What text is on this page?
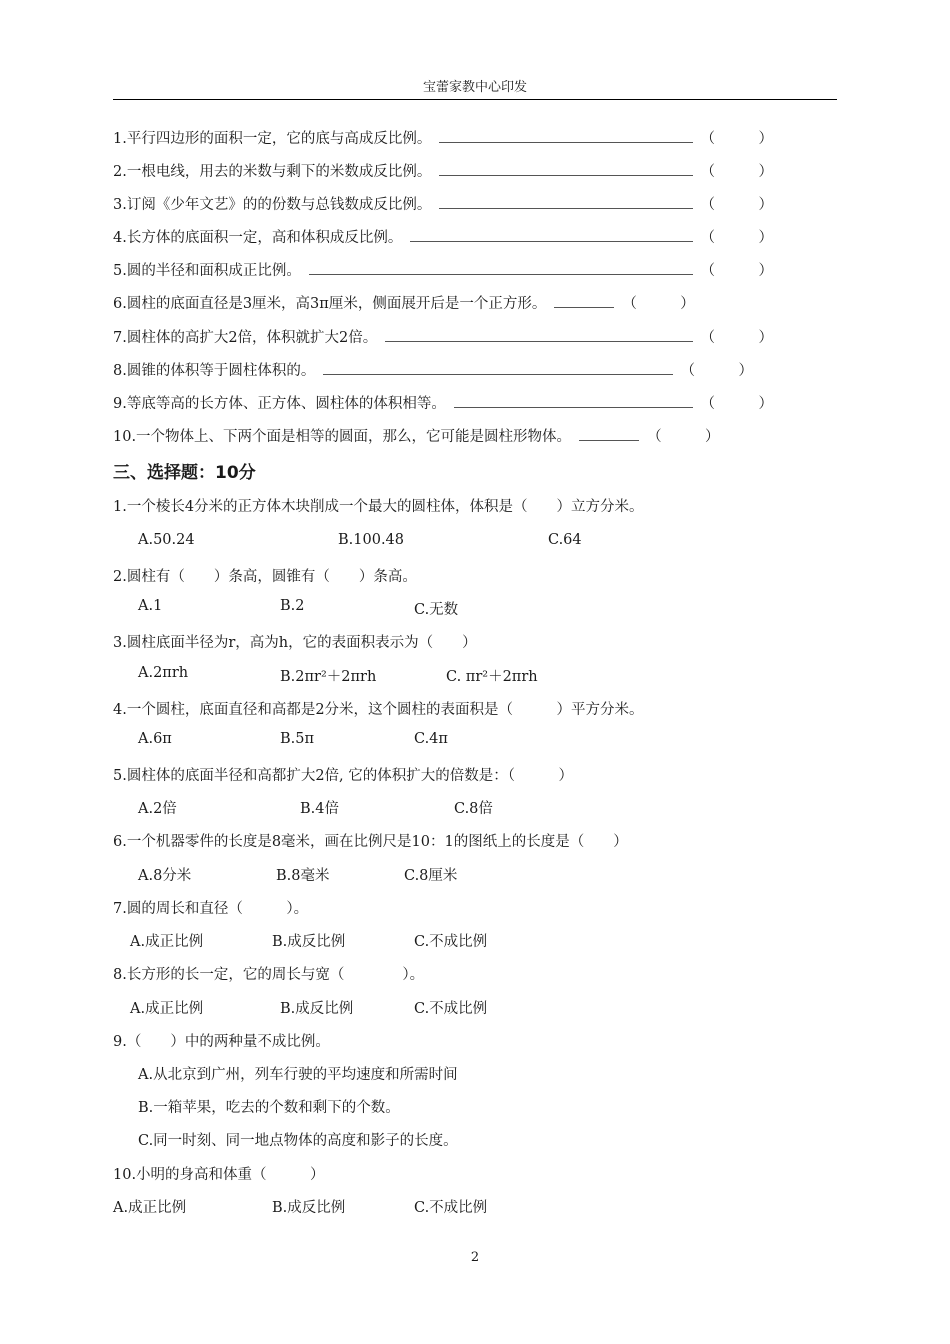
宝蕾家教中心印发
1.平行四边形的面积一定，它的底与高成反比例。	（　　　）
2.一根电线，用去的米数与剩下的米数成反比例。	（　　　）
3.订阅《少年文艺》的的份数与总钱数成反比例。	（　　　）
4.长方体的底面积一定，高和体积成反比例。	（　　　）
5.圆的半径和面积成正比例。	（　　　）
6.圆柱的底面直径是3厘米，高3π厘米，侧面展开后是一个正方形。	（　　　）
7.圆柱体的高扩大2倍，体积就扩大2倍。	（　　　）
8.圆锥的体积等于圆柱体积的。	（　　　）
9.等底等高的长方体、正方体、圆柱体的体积相等。	（　　　）
10.一个物体上、下两个面是相等的圆面，那么，它可能是圆柱形物体。	（　　　）
三、选择题：10分
1.一个棱长4分米的正方体木块削成一个最大的圆柱体，体积是（　　）立方分米。
A.50.24	B.100.48	C.64
2.圆柱有（　　）条高，圆锥有（　　）条高。
A.1	B.2	C.无数
3.圆柱底面半径为r，高为h，它的表面积表示为（　　）
A.2πrh	B.2πr²＋2πrh	C. πr²＋2πrh
4.一个圆柱，底面直径和高都是2分米，这个圆柱的表面积是（　　　）平方分米。
A.6π	B.5π	C.4π
5.圆柱体的底面半径和高都扩大2倍, 它的体积扩大的倍数是：（　　　）
A.2倍	B.4倍	C.8倍
6.一个机器零件的长度是8毫米，画在比例尺是10：1的图纸上的长度是（　　）
A.8分米	B.8毫米	C.8厘米
7.圆的周长和直径（　　　）。
A.成正比例	B.成反比例	C.不成比例
8.长方形的长一定，它的周长与宽（　　　　）。
A.成正比例	B.成反比例	C.不成比例
9.（　　）中的两种量不成比例。
A.从北京到广州，列车行驶的平均速度和所需时间
B.一箱苹果，吃去的个数和剩下的个数。
C.同一时刻、同一地点物体的高度和影子的长度。
10.小明的身高和体重（　　　）
A.成正比例	B.成反比例	C.不成比例
2
